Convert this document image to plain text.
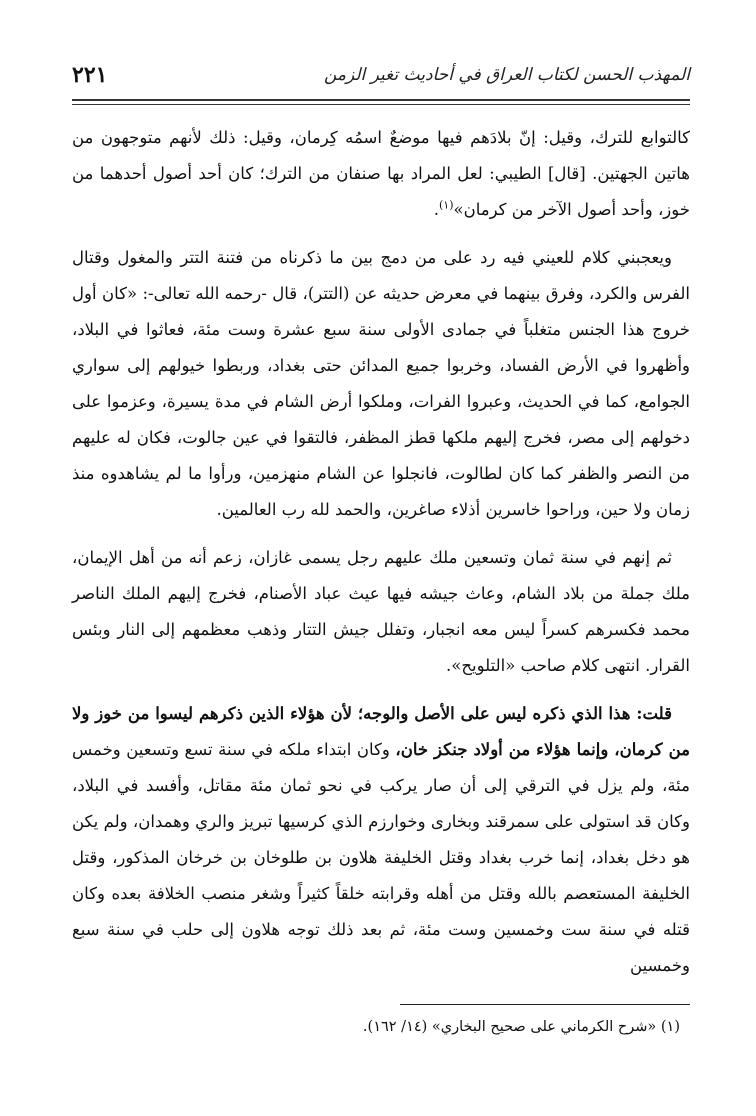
٢٢١	المهذب الحسن لكتاب العراق في أحاديث تغير الزمن

كالتوابع للترك، وقيل: إنّ بلادَهم فيها موضعٌ اسمُه كِرمان، وقيل: ذلك لأنهم متوجهون من هاتين الجهتين. [قال] الطيبي: لعل المراد بها صنفان من الترك؛ كان أحد أصول أحدهما من خوز، وأحد أصول الآخر من كرمان»$^{(١)}$.

ويعجبني كلام للعيني فيه رد على من دمج بين ما ذكرناه من فتنة التتر والمغول وقتال الفرس والكرد، وفرق بينهما في معرض حديثه عن (التتر)، قال -رحمه الله تعالى-: «كان أول خروج هذا الجنس متغلباً في جمادى الأولى سنة سبع عشرة وست مئة، فعاثوا في البلاد، وأظهروا في الأرض الفساد، وخربوا جميع المدائن حتى بغداد، وربطوا خيولهم إلى سواري الجوامع، كما في الحديث، وعبروا الفرات، وملكوا أرض الشام في مدة يسيرة، وعزموا على دخولهم إلى مصر، فخرج إليهم ملكها قطز المظفر، فالتقوا في عين جالوت، فكان له عليهم من النصر والظفر كما كان لطالوت، فانجلوا عن الشام منهزمين، ورأوا ما لم يشاهدوه منذ زمان ولا حين، وراحوا خاسرين أذلاء صاغرين، والحمد لله رب العالمين.

ثم إنهم في سنة ثمان وتسعين ملك عليهم رجل يسمى غازان، زعم أنه من أهل الإيمان، ملك جملة من بلاد الشام، وعاث جيشه فيها عيث عباد الأصنام، فخرج إليهم الملك الناصر محمد فكسرهم كسراً ليس معه انجبار، وتفلل جيش التتار وذهب معظمهم إلى النار وبئس القرار. انتهى كلام صاحب «التلويح».

قلت: هذا الذي ذكره ليس على الأصل والوجه؛ لأن هؤلاء الذين ذكرهم ليسوا من خوز ولا من كرمان، وإنما هؤلاء من أولاد جنكز خان، وكان ابتداء ملكه في سنة تسع وتسعين وخمس مئة، ولم يزل في الترقي إلى أن صار يركب في نحو ثمان مئة مقاتل، وأفسد في البلاد، وكان قد استولى على سمرقند وبخارى وخوارزم الذي كرسيها تبريز والري وهمدان، ولم يكن هو دخل بغداد، إنما خرب بغداد وقتل الخليفة هلاون بن طلوخان بن خرخان المذكور، وقتل الخليفة المستعصم بالله وقتل من أهله وقرابته خلقاً كثيراً وشغر منصب الخلافة بعده وكان قتله في سنة ست وخمسين وست مئة، ثم بعد ذلك توجه هلاون إلى حلب في سنة سبع وخمسين

(١) «شرح الكرماني على صحيح البخاري» (١٤/ ١٦٢).
